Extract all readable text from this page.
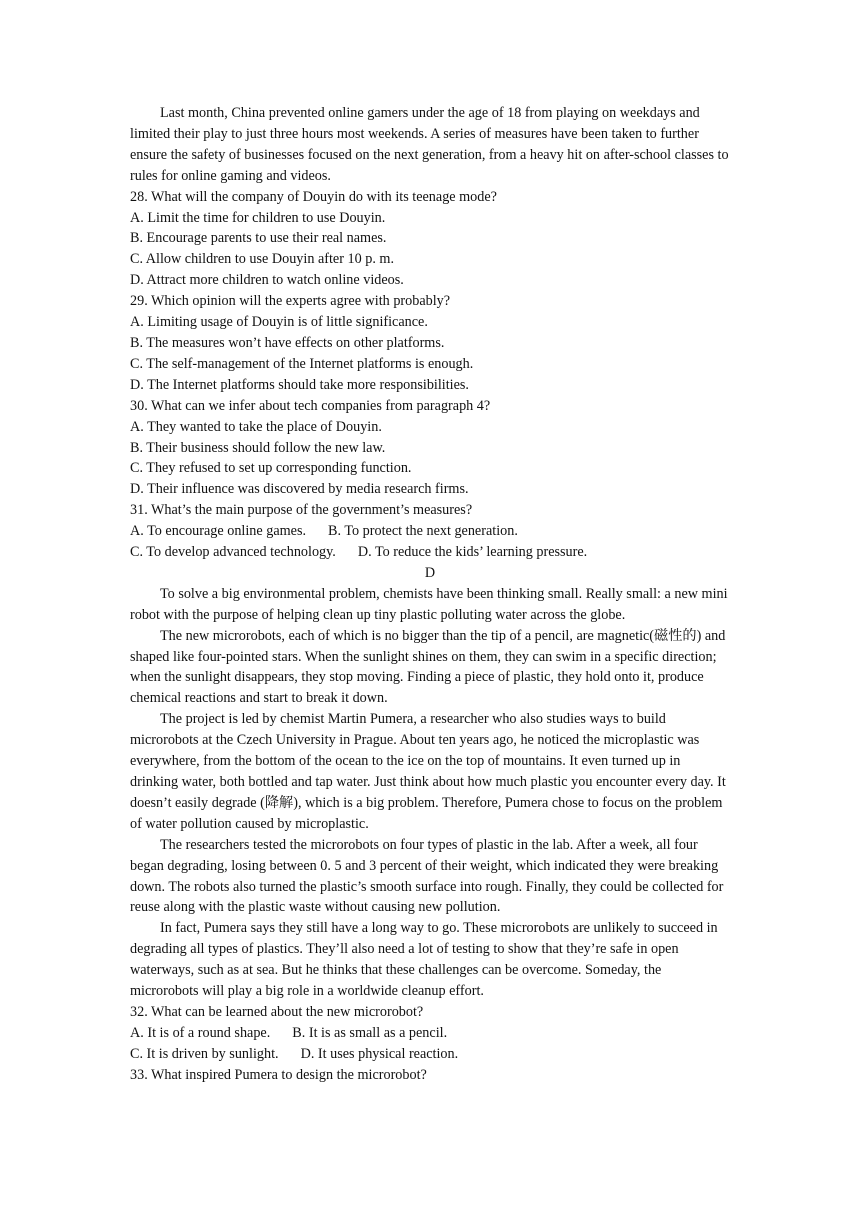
Last month, China prevented online gamers under the age of 18 from playing on weekdays and limited their play to just three hours most weekends. A series of measures have been taken to further ensure the safety of businesses focused on the next generation, from a heavy hit on after-school classes to rules for online gaming and videos.

28. What will the company of Douyin do with its teenage mode?

A. Limit the time for children to use Douyin.

B. Encourage parents to use their real names.

C. Allow children to use Douyin after 10 p. m.

D. Attract more children to watch online videos.

29. Which opinion will the experts agree with probably?

A. Limiting usage of Douyin is of little significance.

B. The measures won’t have effects on other platforms.

C. The self-management of the Internet platforms is enough.

D. The Internet platforms should take more responsibilities.

30. What can we infer about tech companies from paragraph 4?

A. They wanted to take the place of Douyin.

B. Their business should follow the new law.

C. They refused to set up corresponding function.

D. Their influence was discovered by media research firms.

31. What’s the main purpose of the government’s measures?

A. To encourage online games. B. To protect the next generation.

C. To develop advanced technology. D. To reduce the kids’ learning pressure.

D

To solve a big environmental problem, chemists have been thinking small. Really small: a new mini robot with the purpose of helping clean up tiny plastic polluting water across the globe.

The new microrobots, each of which is no bigger than the tip of a pencil, are magnetic(磁性的) and shaped like four-pointed stars. When the sunlight shines on them, they can swim in a specific direction; when the sunlight disappears, they stop moving. Finding a piece of plastic, they hold onto it, produce chemical reactions and start to break it down.

The project is led by chemist Martin Pumera, a researcher who also studies ways to build microrobots at the Czech University in Prague. About ten years ago, he noticed the microplastic was everywhere, from the bottom of the ocean to the ice on the top of mountains. It even turned up in drinking water, both bottled and tap water. Just think about how much plastic you encounter every day. It doesn’t easily degrade (降解), which is a big problem. Therefore, Pumera chose to focus on the problem of water pollution caused by microplastic.

The researchers tested the microrobots on four types of plastic in the lab. After a week, all four began degrading, losing between 0. 5 and 3 percent of their weight, which indicated they were breaking down. The robots also turned the plastic’s smooth surface into rough. Finally, they could be collected for reuse along with the plastic waste without causing new pollution.

In fact, Pumera says they still have a long way to go. These microrobots are unlikely to succeed in degrading all types of plastics. They’ll also need a lot of testing to show that they’re safe in open waterways, such as at sea. But he thinks that these challenges can be overcome. Someday, the microrobots will play a big role in a worldwide cleanup effort.

32. What can be learned about the new microrobot?

A. It is of a round shape. B. It is as small as a pencil.

C. It is driven by sunlight. D. It uses physical reaction.

33. What inspired Pumera to design the microrobot?
